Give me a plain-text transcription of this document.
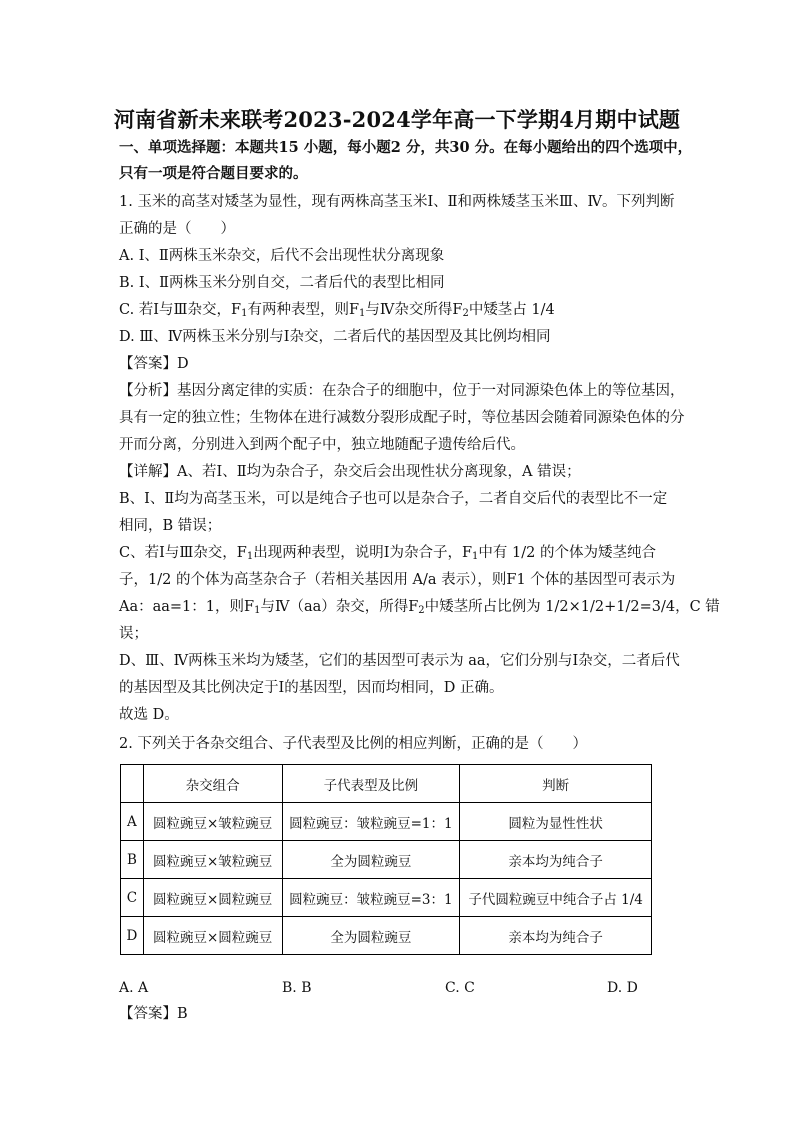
河南省新未来联考2023-2024学年高一下学期4月期中试题
一、单项选择题：本题共15 小题，每小题2 分，共30 分。在每小题给出的四个选项中，
只有一项是符合题目要求的。
1. 玉米的高茎对矮茎为显性，现有两株高茎玉米Ⅰ、Ⅱ和两株矮茎玉米Ⅲ、Ⅳ。下列判断
正确的是（　　）
A. Ⅰ、Ⅱ两株玉米杂交，后代不会出现性状分离现象
B. Ⅰ、Ⅱ两株玉米分别自交，二者后代的表型比相同
C. 若Ⅰ与Ⅲ杂交，$F_1$有两种表型，则$F_1$与Ⅳ杂交所得$F_2$中矮茎占 1/4
D. Ⅲ、Ⅳ两株玉米分别与Ⅰ杂交，二者后代的基因型及其比例均相同
【答案】D
【分析】基因分离定律的实质：在杂合子的细胞中，位于一对同源染色体上的等位基因，
具有一定的独立性；生物体在进行减数分裂形成配子时，等位基因会随着同源染色体的分
开而分离，分别进入到两个配子中，独立地随配子遗传给后代。
【详解】A、若Ⅰ、Ⅱ均为杂合子，杂交后会出现性状分离现象，A 错误；
B、Ⅰ、Ⅱ均为高茎玉米，可以是纯合子也可以是杂合子，二者自交后代的表型比不一定
相同，B 错误；
C、若Ⅰ与Ⅲ杂交，$F_1$出现两种表型，说明Ⅰ为杂合子，$F_1$中有 1/2 的个体为矮茎纯合
子，1/2 的个体为高茎杂合子（若相关基因用 A/a 表示），则F1 个体的基因型可表示为
Aa：aa=1：1，则$F_1$与Ⅳ（aa）杂交，所得$F_2$中矮茎所占比例为 1/2×1/2+1/2=3/4，C 错
误；
D、Ⅲ、Ⅳ两株玉米均为矮茎，它们的基因型可表示为 aa，它们分别与Ⅰ杂交，二者后代
的基因型及其比例决定于Ⅰ的基因型，因而均相同，D 正确。
故选 D。
2. 下列关于各杂交组合、子代表型及比例的相应判断，正确的是（　　）
	杂交组合	子代表型及比例	判断
A	圆粒豌豆×皱粒豌豆	圆粒豌豆：皱粒豌豆=1：1	圆粒为显性性状
B	圆粒豌豆×皱粒豌豆	全为圆粒豌豆	亲本均为纯合子
C	圆粒豌豆×圆粒豌豆	圆粒豌豆：皱粒豌豆=3：1	子代圆粒豌豆中纯合子占 1/4
D	圆粒豌豆×圆粒豌豆	全为圆粒豌豆	亲本均为纯合子
A. A	B. B	C. C	D. D
【答案】B
